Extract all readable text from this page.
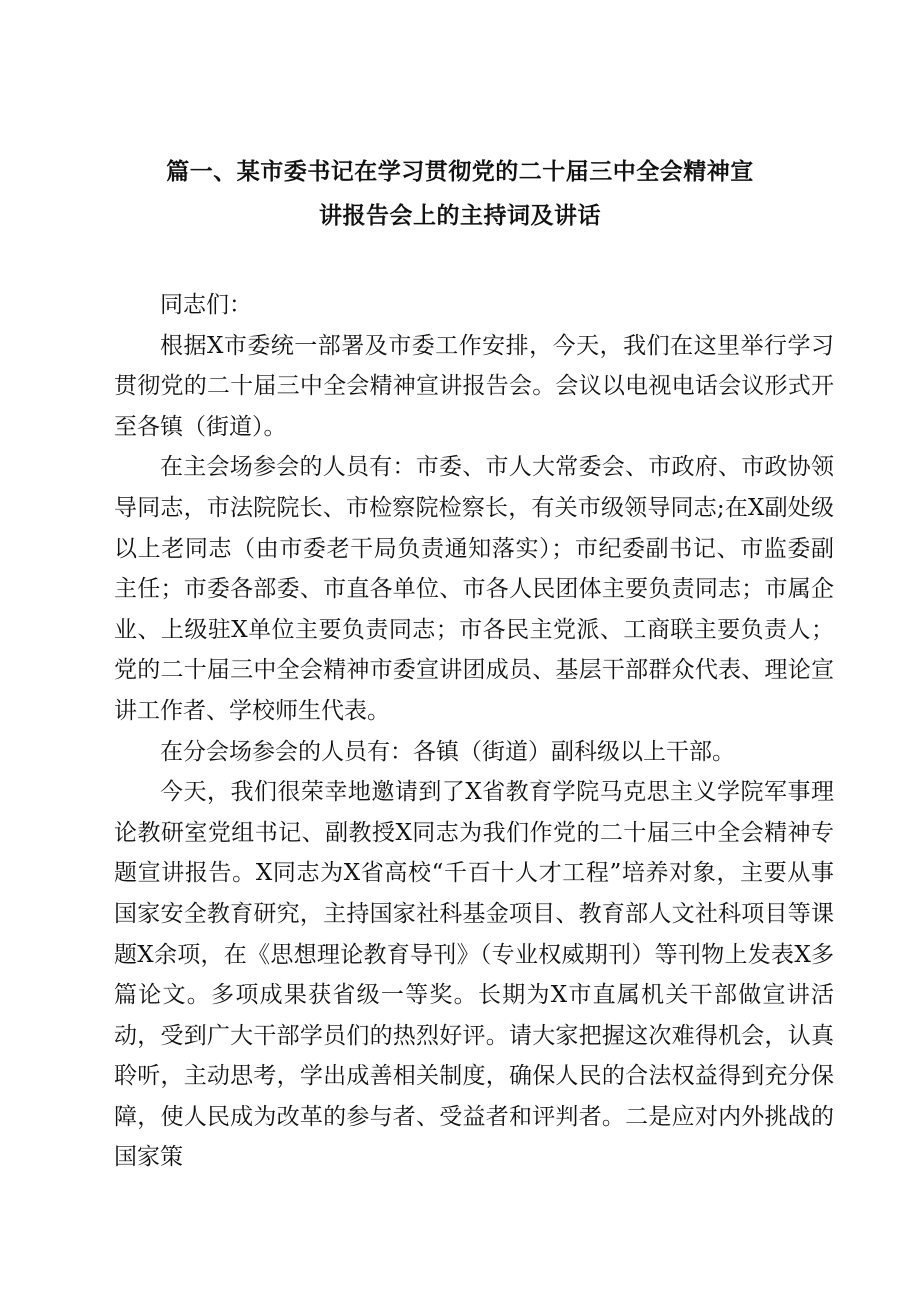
篇一、某市委书记在学习贯彻党的二十届三中全会精神宣
讲报告会上的主持词及讲话

同志们：

根据X市委统一部署及市委工作安排，今天，我们在这里举行学习贯彻党的二十届三中全会精神宣讲报告会。会议以电视电话会议形式开至各镇（街道）。

在主会场参会的人员有：市委、市人大常委会、市政府、市政协领导同志，市法院院长、市检察院检察长，有关市级领导同志;在X副处级以上老同志（由市委老干局负责通知落实）；市纪委副书记、市监委副主任；市委各部委、市直各单位、市各人民团体主要负责同志；市属企业、上级驻X单位主要负责同志；市各民主党派、工商联主要负责人；党的二十届三中全会精神市委宣讲团成员、基层干部群众代表、理论宣讲工作者、学校师生代表。

在分会场参会的人员有：各镇（街道）副科级以上干部。

今天，我们很荣幸地邀请到了X省教育学院马克思主义学院军事理论教研室党组书记、副教授X同志为我们作党的二十届三中全会精神专题宣讲报告。X同志为X省高校“千百十人才工程”培养对象，主要从事国家安全教育研究，主持国家社科基金项目、教育部人文社科项目等课题X余项，在《思想理论教育导刊》（专业权威期刊）等刊物上发表X多篇论文。多项成果获省级一等奖。长期为X市直属机关干部做宣讲活动，受到广大干部学员们的热烈好评。请大家把握这次难得机会，认真聆听，主动思考，学出成善相关制度，确保人民的合法权益得到充分保障，使人民成为改革的参与者、受益者和评判者。二是应对内外挑战的国家策
